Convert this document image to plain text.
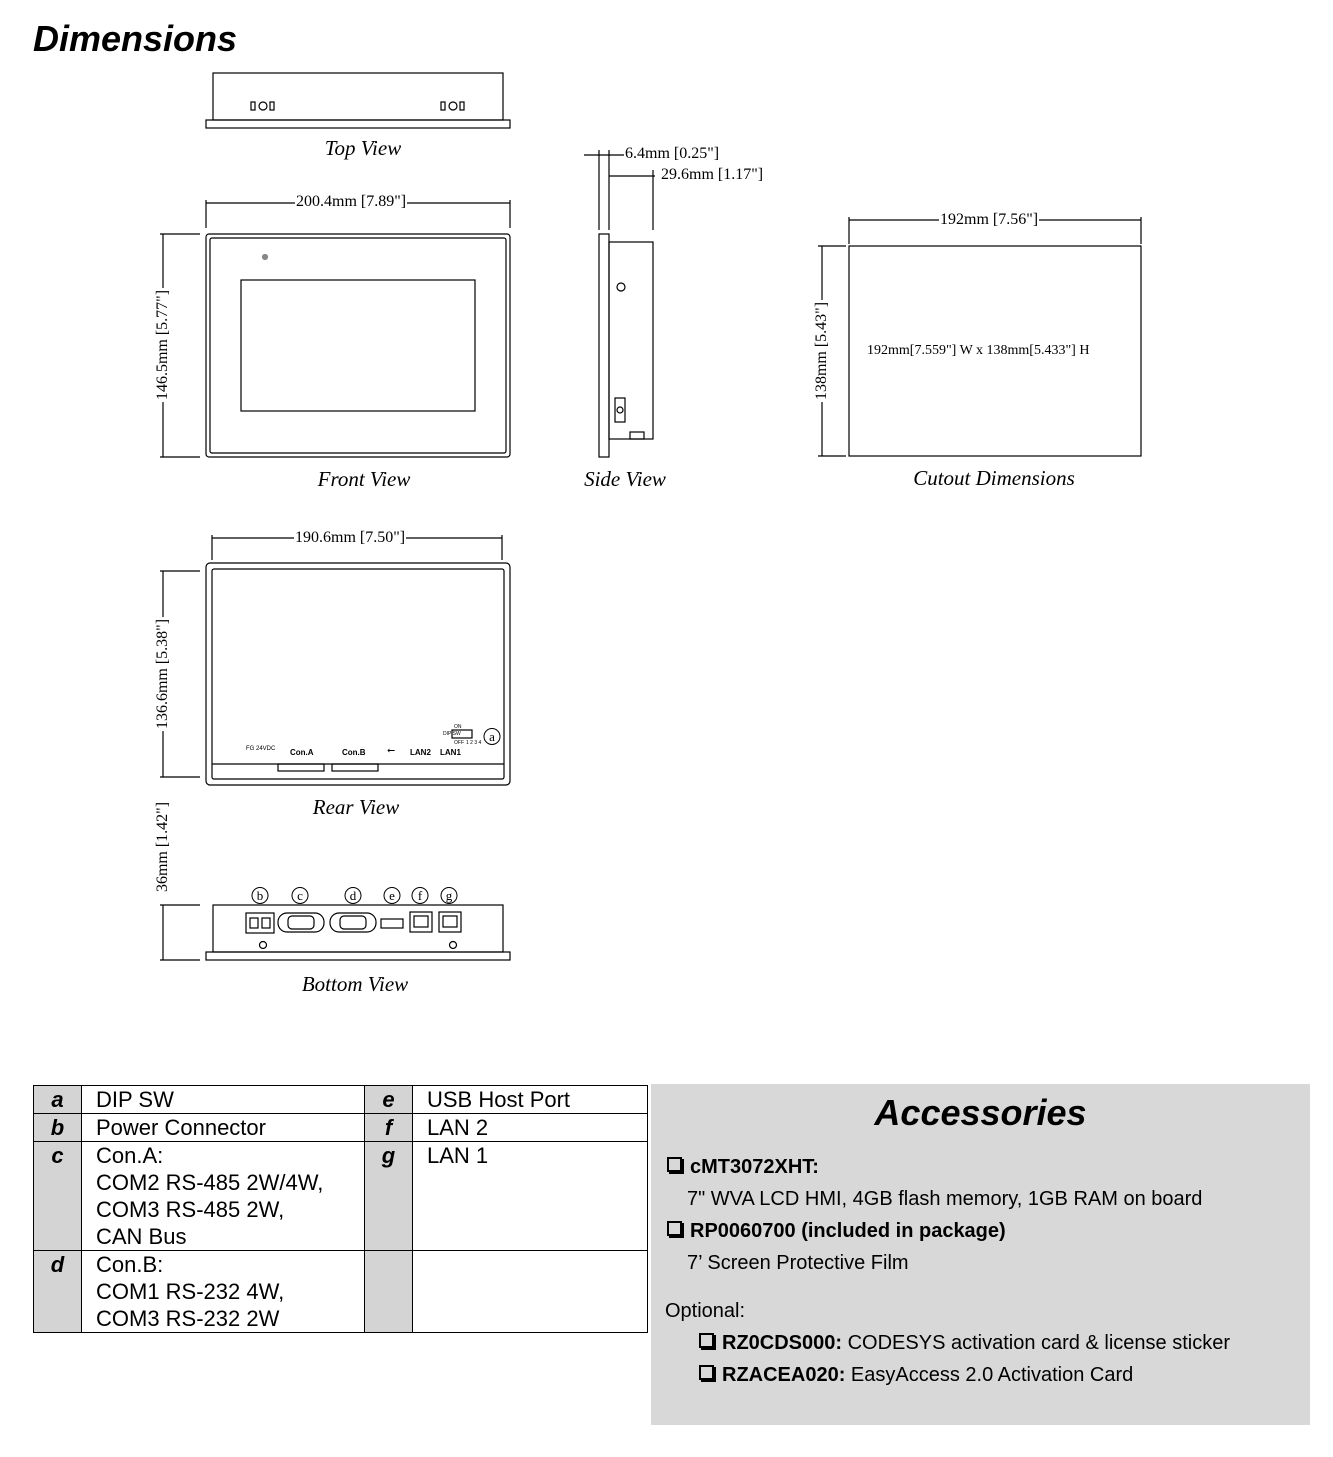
Dimensions
Top View
Front View	Side View	Cutout Dimensions
Rear View
Bottom View
200.4mm [7.89"]
146.5mm [5.77"]
6.4mm [0.25"]
29.6mm [1.17"]
192mm [7.56"]
138mm [5.43"]	192mm[7.559"] W x 138mm[5.433"] H
190.6mm [7.50"]
136.6mm [5.38"]
36mm [1.42"]
FG 24VDC Con.A	Con.B ⭠ LAN2 LAN1
ON
DIP SW
OFF 1 2 3 4 a
b	c	d	e	f	g
a	DIP SW	e	USB Host Port
b	Power Connector	f	LAN 2
c	Con.A:
COM2 RS-485 2W/4W,
COM3 RS-485 2W,
CAN Bus	g	LAN 1
d	Con.B:
COM1 RS-232 4W,
COM3 RS-232 2W		

Accessories
cMT3072XHT:
7" WVA LCD HMI, 4GB flash memory, 1GB RAM on board
RP0060700 (included in package)
7’ Screen Protective Film
Optional:
RZ0CDS000: CODESYS activation card & license sticker
RZACEA020: EasyAccess 2.0 Activation Card
